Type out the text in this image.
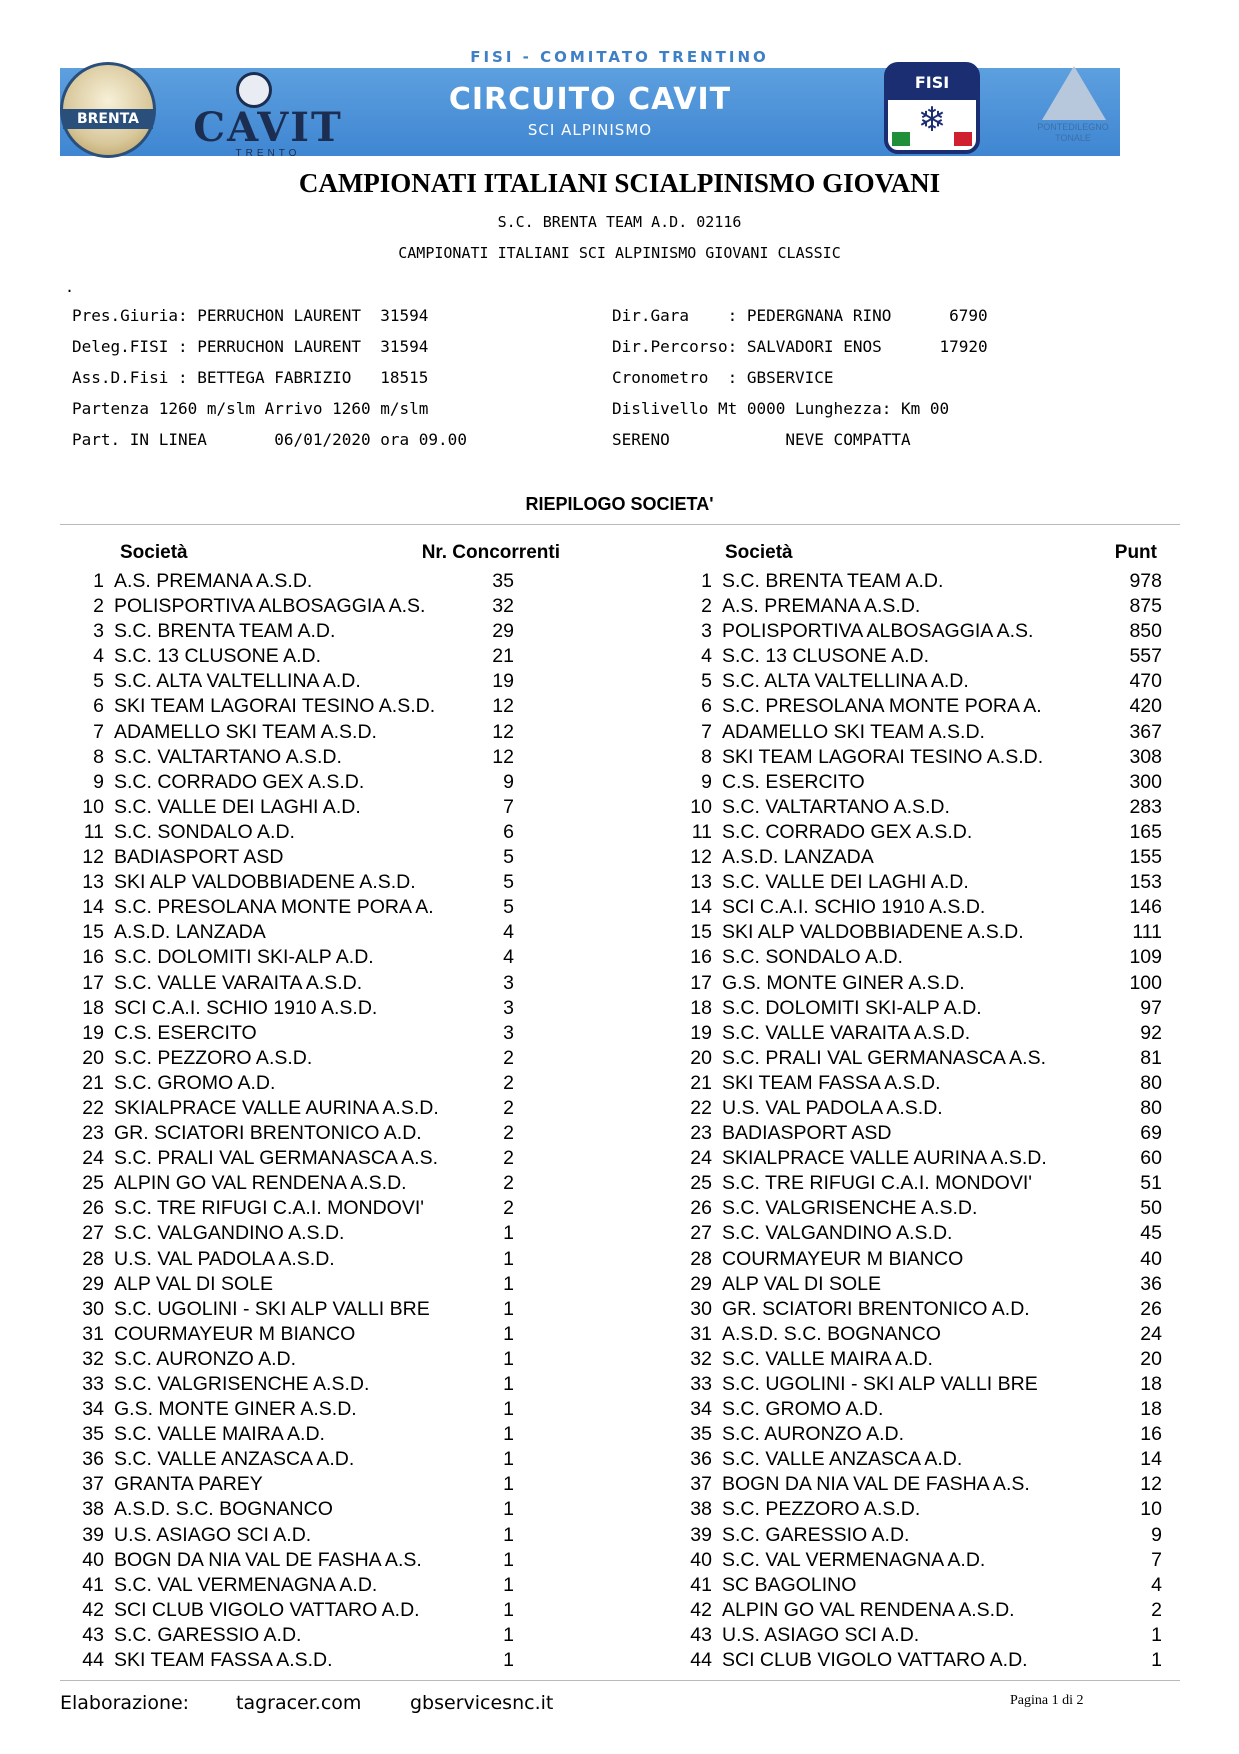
FISI - COMITATO TRENTINO
BRENTA	CAVIT
TRENTO
CIRCUITO CAVIT
SCI ALPINISMO
FISI
❄	PONTEDILEGNO TONALE
CAMPIONATI ITALIANI SCIALPINISMO GIOVANI
S.C. BRENTA TEAM A.D. 02116
CAMPIONATI ITALIANI SCI ALPINISMO GIOVANI CLASSIC
.
Pres.Giuria: PERRUCHON LAURENT  31594
Deleg.FISI : PERRUCHON LAURENT  31594
Ass.D.Fisi : BETTEGA FABRIZIO   18515
Partenza 1260 m/slm Arrivo 1260 m/slm
Part. IN LINEA       06/01/2020 ora 09.00
Dir.Gara    : PEDERGNANA RINO      6790
Dir.Percorso: SALVADORI ENOS      17920
Cronometro  : GBSERVICE
Dislivello Mt 0000 Lunghezza: Km 00
SERENO            NEVE COMPATTA
RIEPILOGO SOCIETA'
Società	Nr. Concorrenti	Società	Punt
1 A.S. PREMANA A.S.D.	35
2 POLISPORTIVA ALBOSAGGIA A.S.	32
3 S.C. BRENTA TEAM A.D.	29
4 S.C. 13 CLUSONE A.D.	21
5 S.C. ALTA VALTELLINA A.D.	19
6 SKI TEAM LAGORAI TESINO A.S.D.	12
7 ADAMELLO SKI TEAM A.S.D.	12
8 S.C. VALTARTANO A.S.D.	12
9 S.C. CORRADO GEX A.S.D.	9
10 S.C. VALLE DEI LAGHI A.D.	7
11 S.C. SONDALO A.D.	6
12 BADIASPORT ASD	5
13 SKI ALP VALDOBBIADENE A.S.D.	5
14 S.C. PRESOLANA MONTE PORA A.	5
15 A.S.D. LANZADA	4
16 S.C. DOLOMITI SKI-ALP A.D.	4
17 S.C. VALLE VARAITA A.S.D.	3
18 SCI C.A.I. SCHIO 1910 A.S.D.	3
19 C.S. ESERCITO	3
20 S.C. PEZZORO A.S.D.	2
21 S.C. GROMO A.D.	2
22 SKIALPRACE VALLE AURINA A.S.D.	2
23 GR. SCIATORI BRENTONICO A.D.	2
24 S.C. PRALI VAL GERMANASCA A.S.	2
25 ALPIN GO VAL RENDENA A.S.D.	2
26 S.C. TRE RIFUGI C.A.I. MONDOVI'	2
27 S.C. VALGANDINO A.S.D.	1
28 U.S. VAL PADOLA A.S.D.	1
29 ALP VAL DI SOLE	1
30 S.C. UGOLINI - SKI ALP VALLI BRE	1
31 COURMAYEUR M BIANCO	1
32 S.C. AURONZO A.D.	1
33 S.C. VALGRISENCHE A.S.D.	1
34 G.S. MONTE GINER A.S.D.	1
35 S.C. VALLE MAIRA A.D.	1
36 S.C. VALLE ANZASCA A.D.	1
37 GRANTA PAREY	1
38 A.S.D. S.C. BOGNANCO	1
39 U.S. ASIAGO SCI A.D.	1
40 BOGN DA NIA VAL DE FASHA A.S.	1
41 S.C. VAL VERMENAGNA A.D.	1
42 SCI CLUB VIGOLO VATTARO A.D.	1
43 S.C. GARESSIO A.D.	1
44 SKI TEAM FASSA A.S.D.	1
1 S.C. BRENTA TEAM A.D.	978
2 A.S. PREMANA A.S.D.	875
3 POLISPORTIVA ALBOSAGGIA A.S.	850
4 S.C. 13 CLUSONE A.D.	557
5 S.C. ALTA VALTELLINA A.D.	470
6 S.C. PRESOLANA MONTE PORA A.	420
7 ADAMELLO SKI TEAM A.S.D.	367
8 SKI TEAM LAGORAI TESINO A.S.D.	308
9 C.S. ESERCITO	300
10 S.C. VALTARTANO A.S.D.	283
11 S.C. CORRADO GEX A.S.D.	165
12 A.S.D. LANZADA	155
13 S.C. VALLE DEI LAGHI A.D.	153
14 SCI C.A.I. SCHIO 1910 A.S.D.	146
15 SKI ALP VALDOBBIADENE A.S.D.	111
16 S.C. SONDALO A.D.	109
17 G.S. MONTE GINER A.S.D.	100
18 S.C. DOLOMITI SKI-ALP A.D.	97
19 S.C. VALLE VARAITA A.S.D.	92
20 S.C. PRALI VAL GERMANASCA A.S.	81
21 SKI TEAM FASSA A.S.D.	80
22 U.S. VAL PADOLA A.S.D.	80
23 BADIASPORT ASD	69
24 SKIALPRACE VALLE AURINA A.S.D.	60
25 S.C. TRE RIFUGI C.A.I. MONDOVI'	51
26 S.C. VALGRISENCHE A.S.D.	50
27 S.C. VALGANDINO A.S.D.	45
28 COURMAYEUR M BIANCO	40
29 ALP VAL DI SOLE	36
30 GR. SCIATORI BRENTONICO A.D.	26
31 A.S.D. S.C. BOGNANCO	24
32 S.C. VALLE MAIRA A.D.	20
33 S.C. UGOLINI - SKI ALP VALLI BRE	18
34 S.C. GROMO A.D.	18
35 S.C. AURONZO A.D.	16
36 S.C. VALLE ANZASCA A.D.	14
37 BOGN DA NIA VAL DE FASHA A.S.	12
38 S.C. PEZZORO A.S.D.	10
39 S.C. GARESSIO A.D.	9
40 S.C. VAL VERMENAGNA A.D.	7
41 SC BAGOLINO	4
42 ALPIN GO VAL RENDENA A.S.D.	2
43 U.S. ASIAGO SCI A.D.	1
44 SCI CLUB VIGOLO VATTARO A.D.	1
Elaborazione: tagracer.com	gbservicesnc.it	Pagina 1 di 2
